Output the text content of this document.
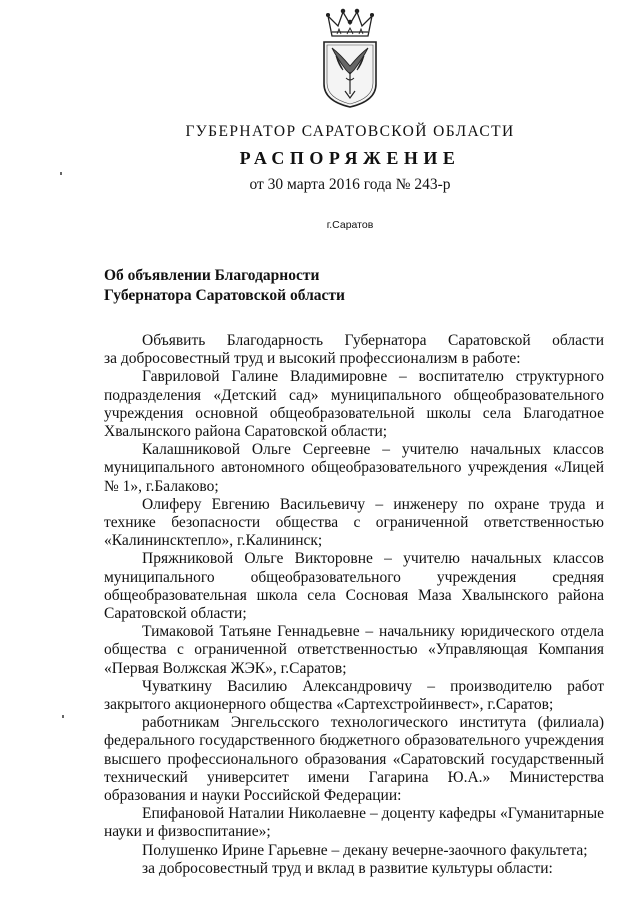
ГУБЕРНАТОР САРАТОВСКОЙ ОБЛАСТИ
РАСПОРЯЖЕНИЕ
от 30 марта 2016 года № 243-р
г.Саратов
Об объявлении Благодарности
Губернатора Саратовской области

Объявить Благодарность Губернатора Саратовской области

за добросовестный труд и высокий профессионализм в работе:

Гавриловой Галине Владимировне – воспитателю структурного подразделения «Детский сад» муниципального общеобразовательного учреждения основной общеобразовательной школы села Благодатное Хвалынского района Саратовской области;

Калашниковой Ольге Сергеевне – учителю начальных классов муниципального автономного общеобразовательного учреждения «Лицей № 1», г.Балаково;

Олиферу Евгению Васильевичу – инженеру по охране труда и технике безопасности общества с ограниченной ответственностью «Калининсктепло», г.Калининск;

Пряжниковой Ольге Викторовне – учителю начальных классов муниципального общеобразовательного учреждения средняя общеобразовательная школа села Сосновая Маза Хвалынского района Саратовской области;

Тимаковой Татьяне Геннадьевне – начальнику юридического отдела общества с ограниченной ответственностью «Управляющая Компания «Первая Волжская ЖЭК», г.Саратов;

Чуваткину Василию Александровичу – производителю работ закрытого акционерного общества «Сартехстройинвест», г.Саратов;

работникам Энгельсского технологического института (филиала) федерального государственного бюджетного образовательного учреждения высшего профессионального образования «Саратовский государственный технический университет имени Гагарина Ю.А.» Министерства образования и науки Российской Федерации:

Епифановой Наталии Николаевне – доценту кафедры «Гуманитарные науки и физвоспитание»;

Полушенко Ирине Гарьевне – декану вечерне-заочного факультета;

за добросовестный труд и вклад в развитие культуры области:
